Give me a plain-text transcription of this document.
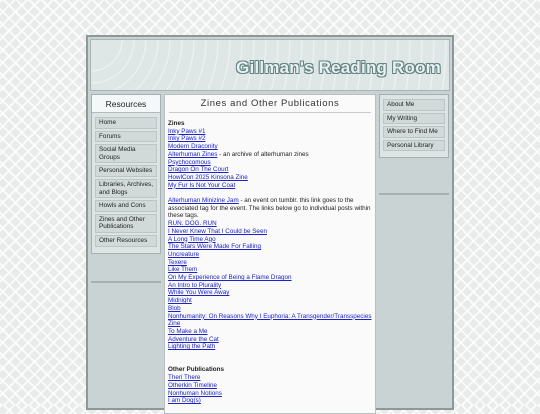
Gillman's Reading Room
Resources
Home
Forums
Social Media Groups
Personal Websites
Libraries, Archives, and Blogs
Howls and Cons
Zines and Other Publications
Other Resources
Zines and Other Publications
Zines
Inky Paws #1
Inky Paws #2
Modern Draconity
Alterhuman Zines - an archive of alterhuman zines
Psychocomous
Dragon On The Court
HowlCon 2025 Kinsona Zine
My Fur Is Not Your Coat
Alterhuman Minizine Jam - an event on tumblr. this link goes to the associated tag for the event. The links below go to individual posts within these tags.
RUN. DOG. RUN
I Never Knew That I Could be Seen
A Long Time Ago
The Stars Were Made For Falling
Uncreature
Texere
Like Them
On My Experience of Being a Flame Dragon
An Intro to Plurality
While You Were Away
Midnight
Blob
Nonhumanity: On Reasons Why I Euphoria: A Transgender/Transspecies Zine
To Make a Me
Adventure the Cat
Lighting the Path
Other Publications
Theri There
Otherkin Timeline
Nonhuman Notions
I am Dog(s)
About Me
My Writing
Where to Find Me
Personal Library
